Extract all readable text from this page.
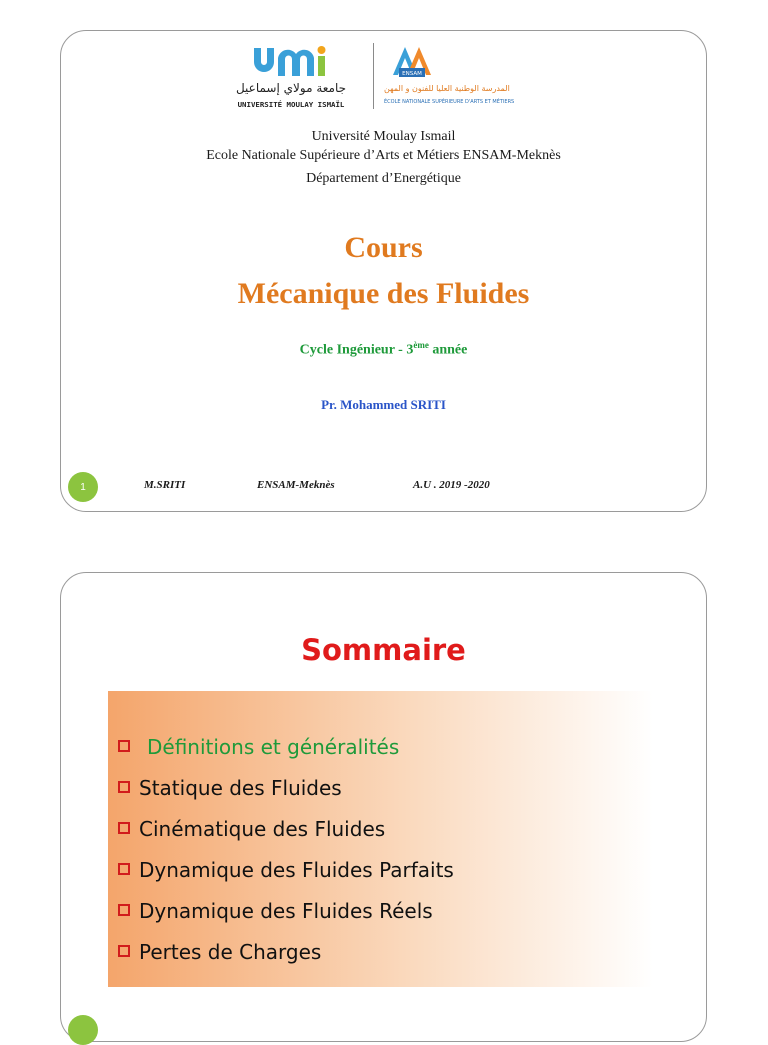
جامعة مولاي إسماعيل
UNIVERSITÉ MOULAY ISMAÏL
ENSAM
المدرسة الوطنية العليا للفنون و المهن
ÉCOLE NATIONALE SUPÉRIEURE D'ARTS ET MÉTIERS
Université Moulay Ismail
Ecole Nationale Supérieure d’Arts et Métiers ENSAM-Meknès
Département d’Energétique
Cours
Mécanique des Fluides
Cycle Ingénieur - 3ème année
Pr. Mohammed SRITI
1	M.SRITI	ENSAM-Meknès	A.U . 2019 -2020
Sommaire
Définitions et généralités
Statique des Fluides
Cinématique des Fluides
Dynamique des Fluides Parfaits
Dynamique des Fluides Réels
Pertes de Charges
